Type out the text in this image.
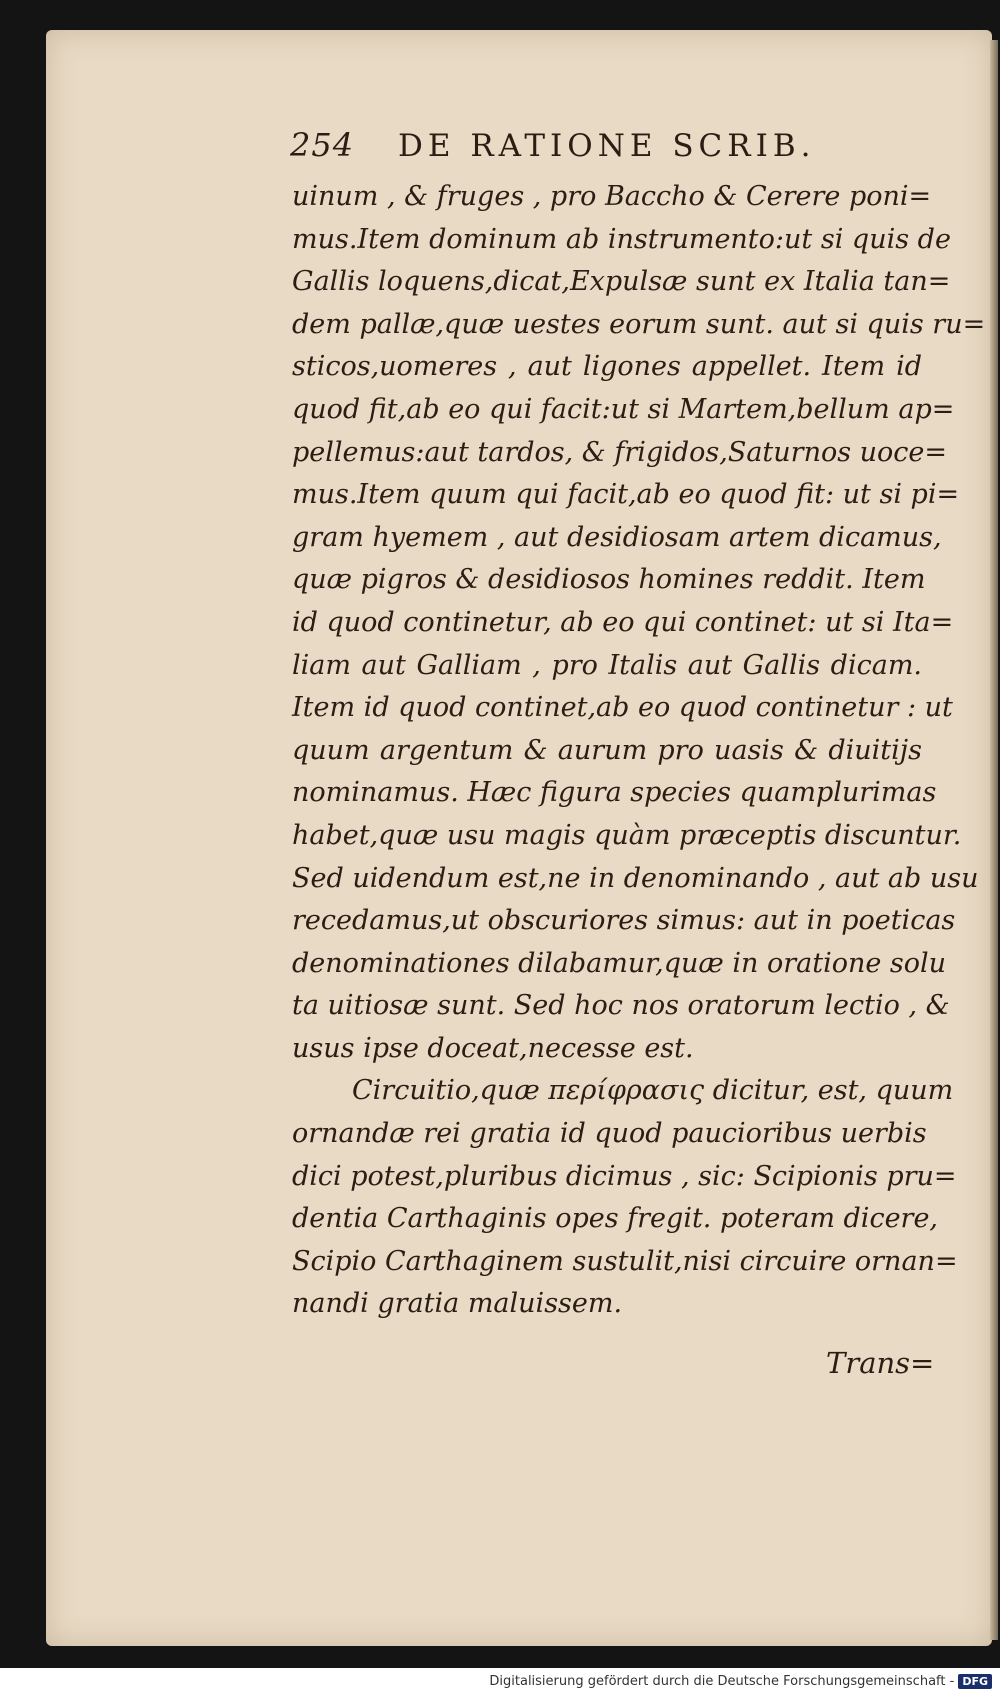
254 DE RATIONE SCRIB.
uinum , & fruges , pro Baccho & Cerere poni=
mus.Item dominum ab instrumento:ut si quis de
Gallis loquens,dicat,Expulsæ sunt ex Italia tan=
dem pallæ,quæ uestes eorum sunt. aut si quis ru=
sticos,uomeres , aut ligones appellet. Item id
quod fit,ab eo qui facit:ut si Martem,bellum ap=
pellemus:aut tardos, & frigidos,Saturnos uoce=
mus.Item quum qui facit,ab eo quod fit: ut si pi=
gram hyemem , aut desidiosam artem dicamus,
quæ pigros & desidiosos homines reddit. Item
id quod continetur, ab eo qui continet: ut si Ita=
liam aut Galliam , pro Italis aut Gallis dicam.
Item id quod continet,ab eo quod continetur : ut
quum argentum & aurum pro uasis & diuitijs
nominamus. Hæc figura species quamplurimas
habet,quæ usu magis quàm præceptis discuntur.
Sed uidendum est,ne in denominando , aut ab usu
recedamus,ut obscuriores simus: aut in poeticas
denominationes dilabamur,quæ in oratione solu
ta uitiosæ sunt. Sed hoc nos oratorum lectio , &
usus ipse doceat,necesse est.
Circuitio,quæ περίφρασις dicitur, est, quum
ornandæ rei gratia id quod paucioribus uerbis
dici potest,pluribus dicimus , sic: Scipionis pru=
dentia Carthaginis opes fregit. poteram dicere,
Scipio Carthaginem sustulit,nisi circuire ornan=
nandi gratia maluissem.
Trans=
Digitalisierung gefördert durch die Deutsche Forschungsgemeinschaft - DFG
